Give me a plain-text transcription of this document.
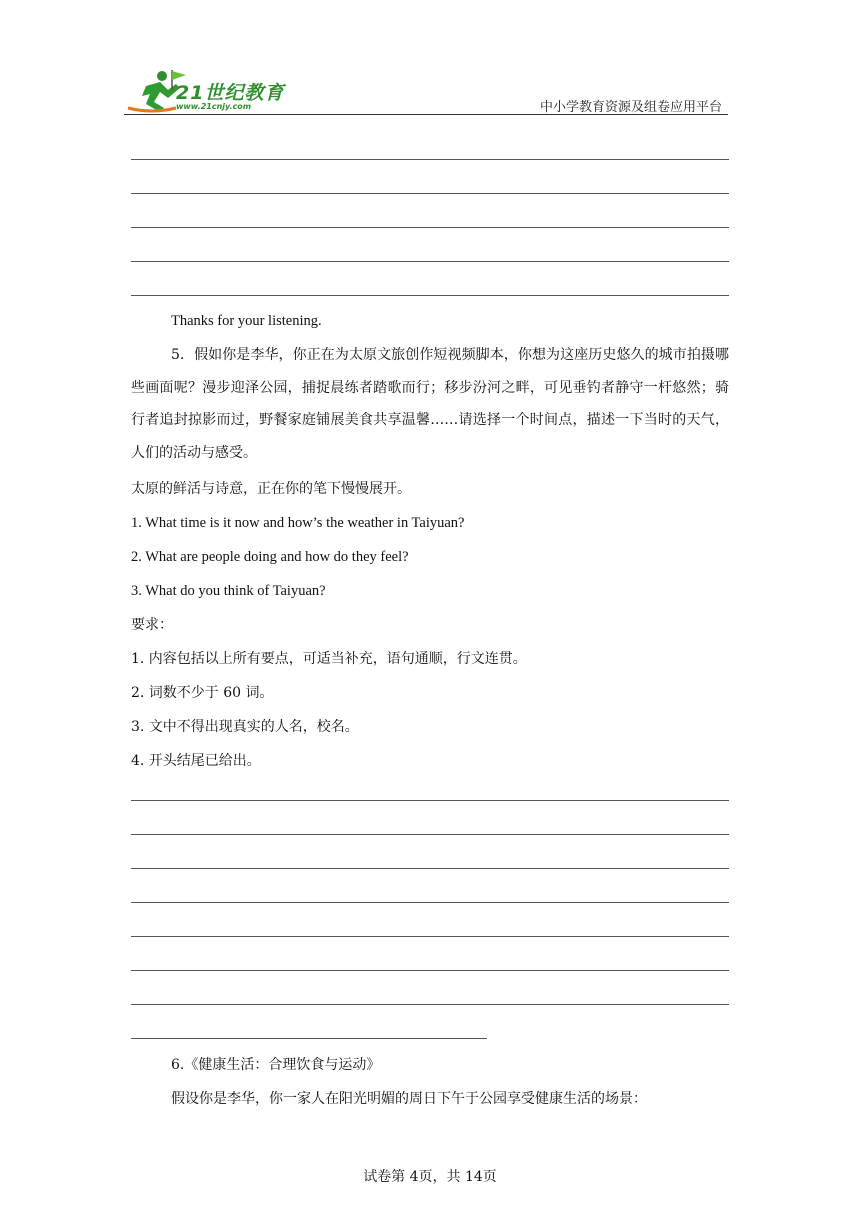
21世纪教育
www.21cnjy.com	中小学教育资源及组卷应用平台
Thanks for your listening.
5．假如你是李华，你正在为太原文旅创作短视频脚本，你想为这座历史悠久的城市拍摄哪些画面呢？漫步迎泽公园，捕捉晨练者踏歌而行；移步汾河之畔，可见垂钓者静守一杆悠然；骑行者追封掠影而过，野餐家庭铺展美食共享温馨……请选择一个时间点，描述一下当时的天气，人们的活动与感受。
太原的鲜活与诗意，正在你的笔下慢慢展开。
1. What time is it now and how’s the weather in Taiyuan?
2. What are people doing and how do they feel?
3. What do you think of Taiyuan?
要求：
1. 内容包括以上所有要点，可适当补充，语句通顺，行文连贯。
2. 词数不少于 60 词。
3. 文中不得出现真实的人名，校名。
4. 开头结尾已给出。
6.《健康生活：合理饮食与运动》
假设你是李华，你一家人在阳光明媚的周日下午于公园享受健康生活的场景：
试卷第 4页，共 14页
